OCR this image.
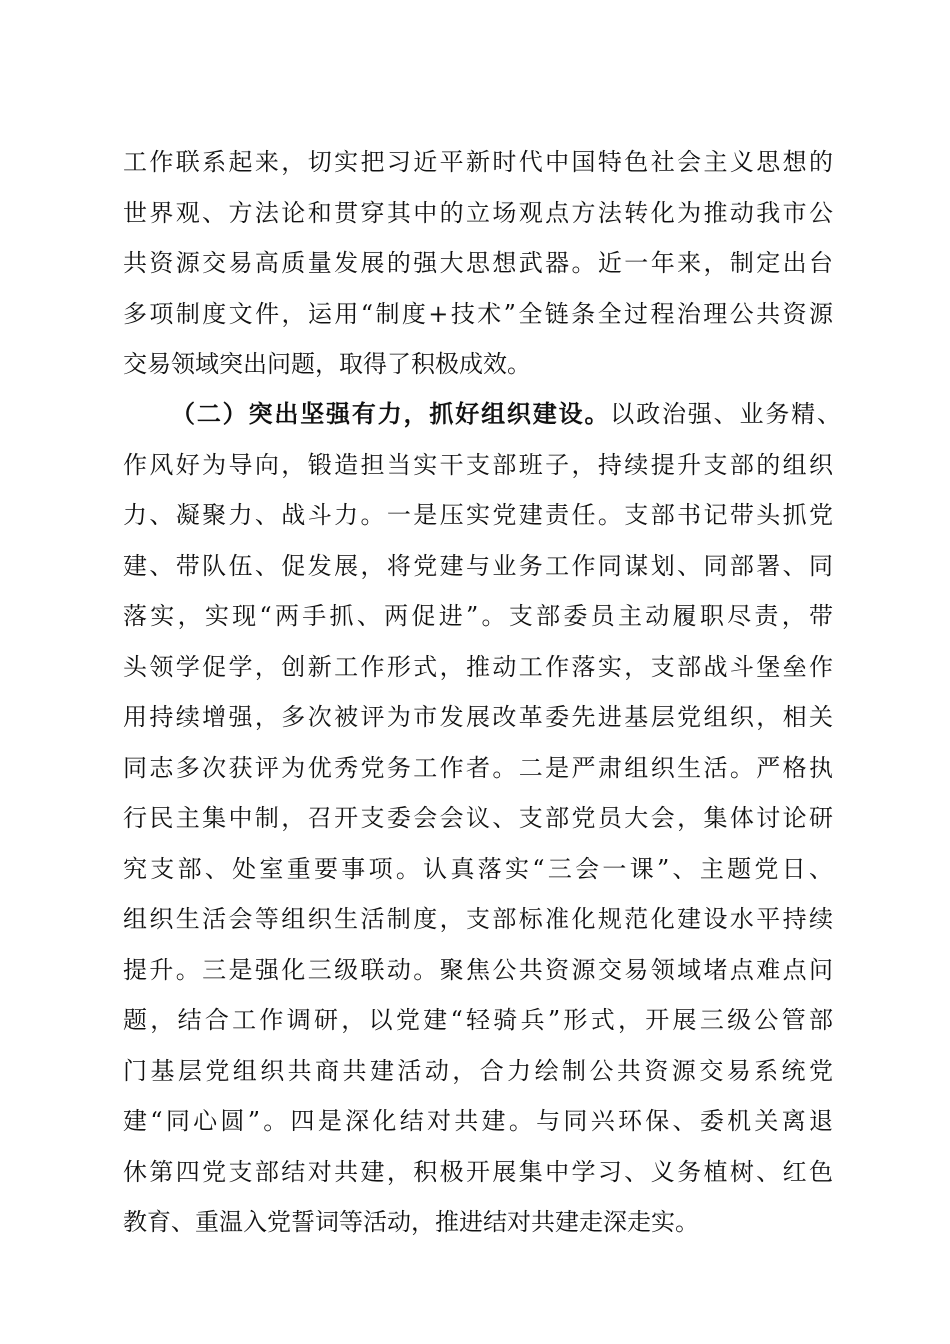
工作联系起来，切实把习近平新时代中国特色社会主义思想的
世界观、方法论和贯穿其中的立场观点方法转化为推动我市公
共资源交易高质量发展的强大思想武器。近一年来，制定出台
多项制度文件，运用“制度+技术”全链条全过程治理公共资源
交易领域突出问题，取得了积极成效。
（二）突出坚强有力，抓好组织建设。以政治强、业务精、
作风好为导向，锻造担当实干支部班子，持续提升支部的组织
力、凝聚力、战斗力。一是压实党建责任。支部书记带头抓党
建、带队伍、促发展，将党建与业务工作同谋划、同部署、同
落实，实现“两手抓、两促进”。支部委员主动履职尽责，带
头领学促学，创新工作形式，推动工作落实，支部战斗堡垒作
用持续增强，多次被评为市发展改革委先进基层党组织，相关
同志多次获评为优秀党务工作者。二是严肃组织生活。严格执
行民主集中制，召开支委会会议、支部党员大会，集体讨论研
究支部、处室重要事项。认真落实“三会一课”、主题党日、
组织生活会等组织生活制度，支部标准化规范化建设水平持续
提升。三是强化三级联动。聚焦公共资源交易领域堵点难点问
题，结合工作调研，以党建“轻骑兵”形式，开展三级公管部
门基层党组织共商共建活动，合力绘制公共资源交易系统党
建“同心圆”。四是深化结对共建。与同兴环保、委机关离退
休第四党支部结对共建，积极开展集中学习、义务植树、红色
教育、重温入党誓词等活动，推进结对共建走深走实。
